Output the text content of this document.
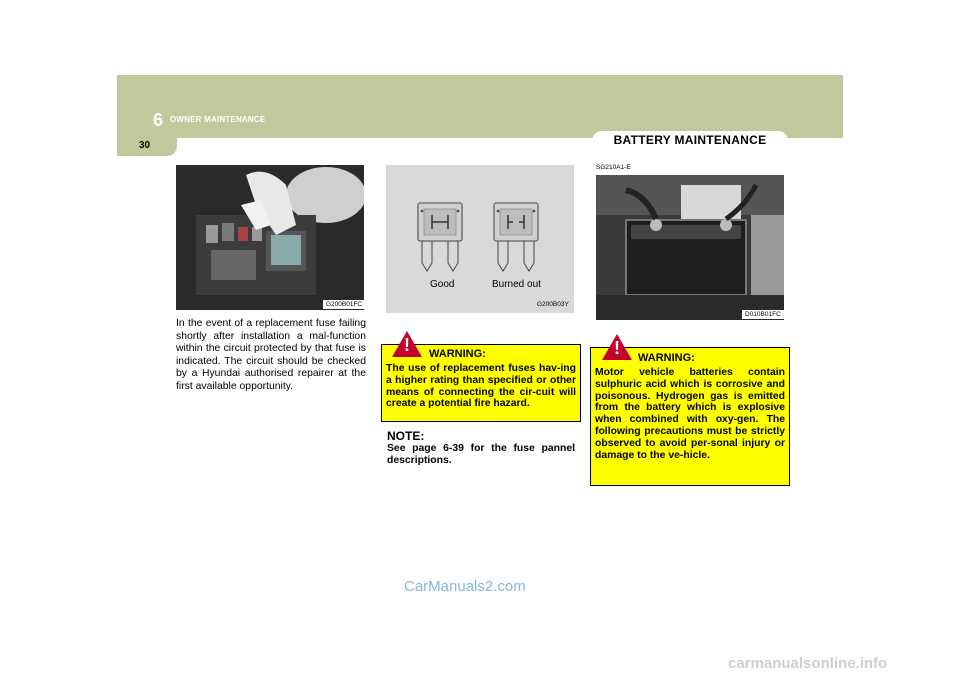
6 OWNER MAINTENANCE
30	BATTERY MAINTENANCE
G200B01FC
In the event of a replacement fuse failing shortly after installation a mal-function within the circuit protected by that fuse is indicated. The circuit should be checked by a Hyundai authorised repairer at the first available opportunity.
Good	Burned out
G200B03Y
WARNING:
The use of replacement fuses hav-ing a higher rating than specified or other means of connecting the cir-cuit will create a potential fire hazard.
!
NOTE:
See page 6-39 for the fuse pannel descriptions.
SG210A1-E
D010B01FC
WARNING:
Motor vehicle batteries contain sulphuric acid which is corrosive and poisonous. Hydrogen gas is emitted from the battery which is explosive when combined with oxy-gen. The following precautions must be strictly observed to avoid per-sonal injury or damage to the ve-hicle.
!
CarManuals2.com
carmanualsonline.info
